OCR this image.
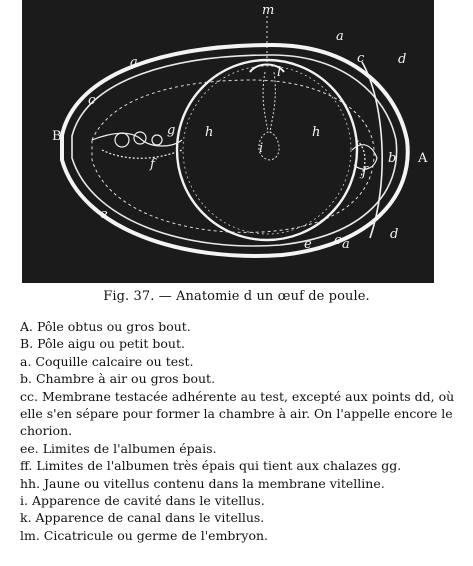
m
l
a
a
a
c
c
c
d
d
B
A
b
h	h
i
g
f
f
e
e
Fig. 37. — Anatomie d un œuf de poule.

A. Pôle obtus ou gros bout.

B. Pôle aigu ou petit bout.

a. Coquille calcaire ou test.

b. Chambre à air ou gros bout.

cc. Membrane testacée adhérente au test, excepté aux points dd, où elle s'en sépare pour former la chambre à air. On l'appelle encore le chorion.

ee. Limites de l'albumen épais.

ff. Limites de l'albumen très épais qui tient aux chalazes gg.

hh. Jaune ou vitellus contenu dans la membrane vitelline.

i. Apparence de cavité dans le vitellus.

k. Apparence de canal dans le vitellus.

lm. Cicatricule ou germe de l'embryon.
